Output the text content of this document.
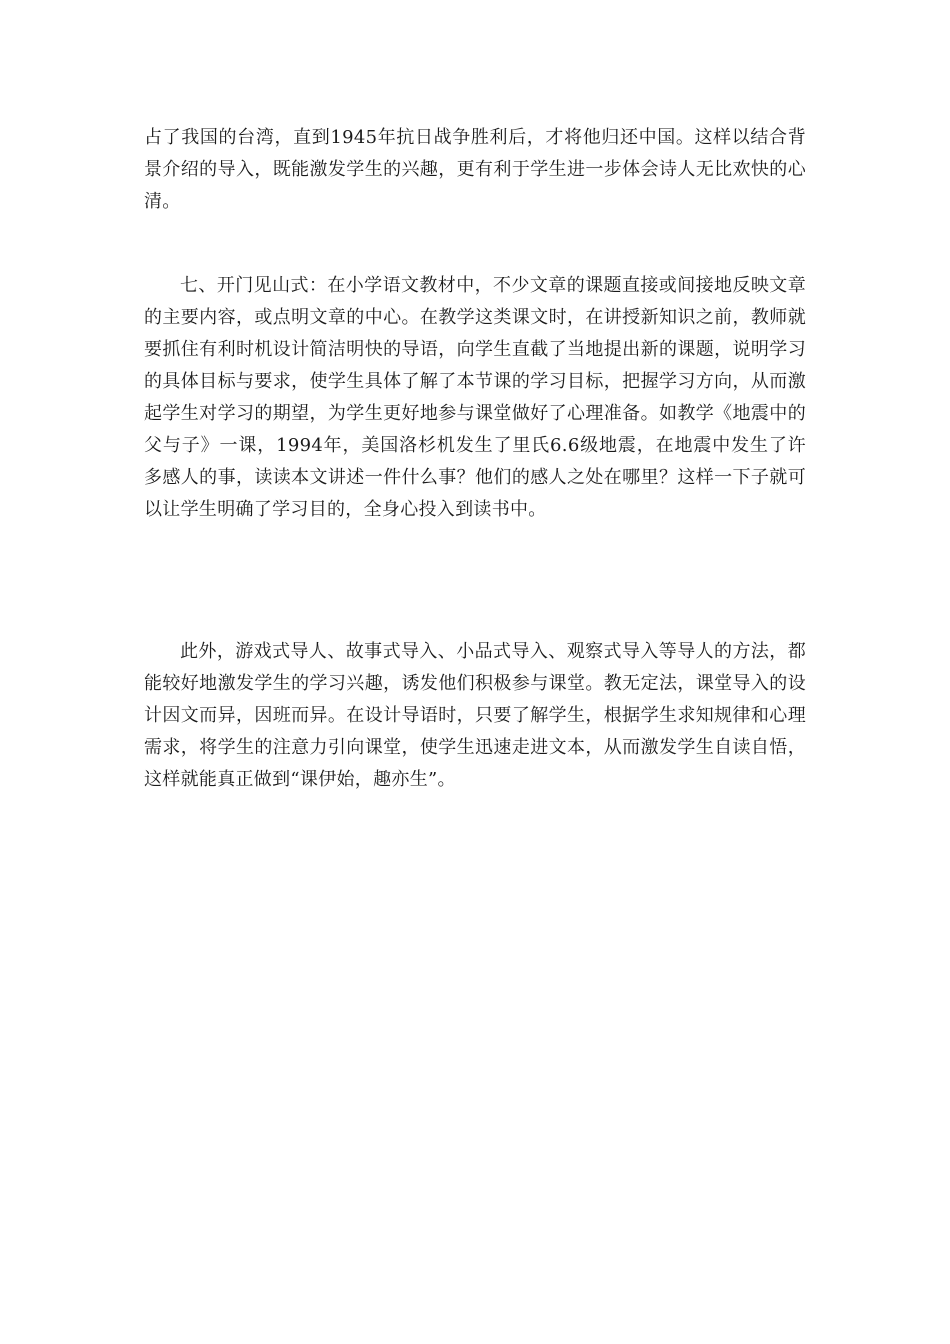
占了我国的台湾，直到1945年抗日战争胜利后，才将他归还中国。这样以结合背景介绍的导入，既能激发学生的兴趣，更有利于学生进一步体会诗人无比欢快的心清。

七、开门见山式：在小学语文教材中，不少文章的课题直接或间接地反映文章的主要内容，或点明文章的中心。在教学这类课文时，在讲授新知识之前，教师就要抓住有利时机设计简洁明快的导语，向学生直截了当地提出新的课题，说明学习的具体目标与要求，使学生具体了解了本节课的学习目标，把握学习方向，从而激起学生对学习的期望，为学生更好地参与课堂做好了心理准备。如教学《地震中的父与子》一课，1994年，美国洛杉机发生了里氏6.6级地震，在地震中发生了许多感人的事，读读本文讲述一件什么事？他们的感人之处在哪里？这样一下子就可以让学生明确了学习目的，全身心投入到读书中。

此外，游戏式导人、故事式导入、小品式导入、观察式导入等导人的方法，都能较好地激发学生的学习兴趣，诱发他们积极参与课堂。教无定法，课堂导入的设计因文而异，因班而异。在设计导语时，只要了解学生，根据学生求知规律和心理需求，将学生的注意力引向课堂，使学生迅速走进文本，从而激发学生自读自悟，这样就能真正做到“课伊始，趣亦生”。
